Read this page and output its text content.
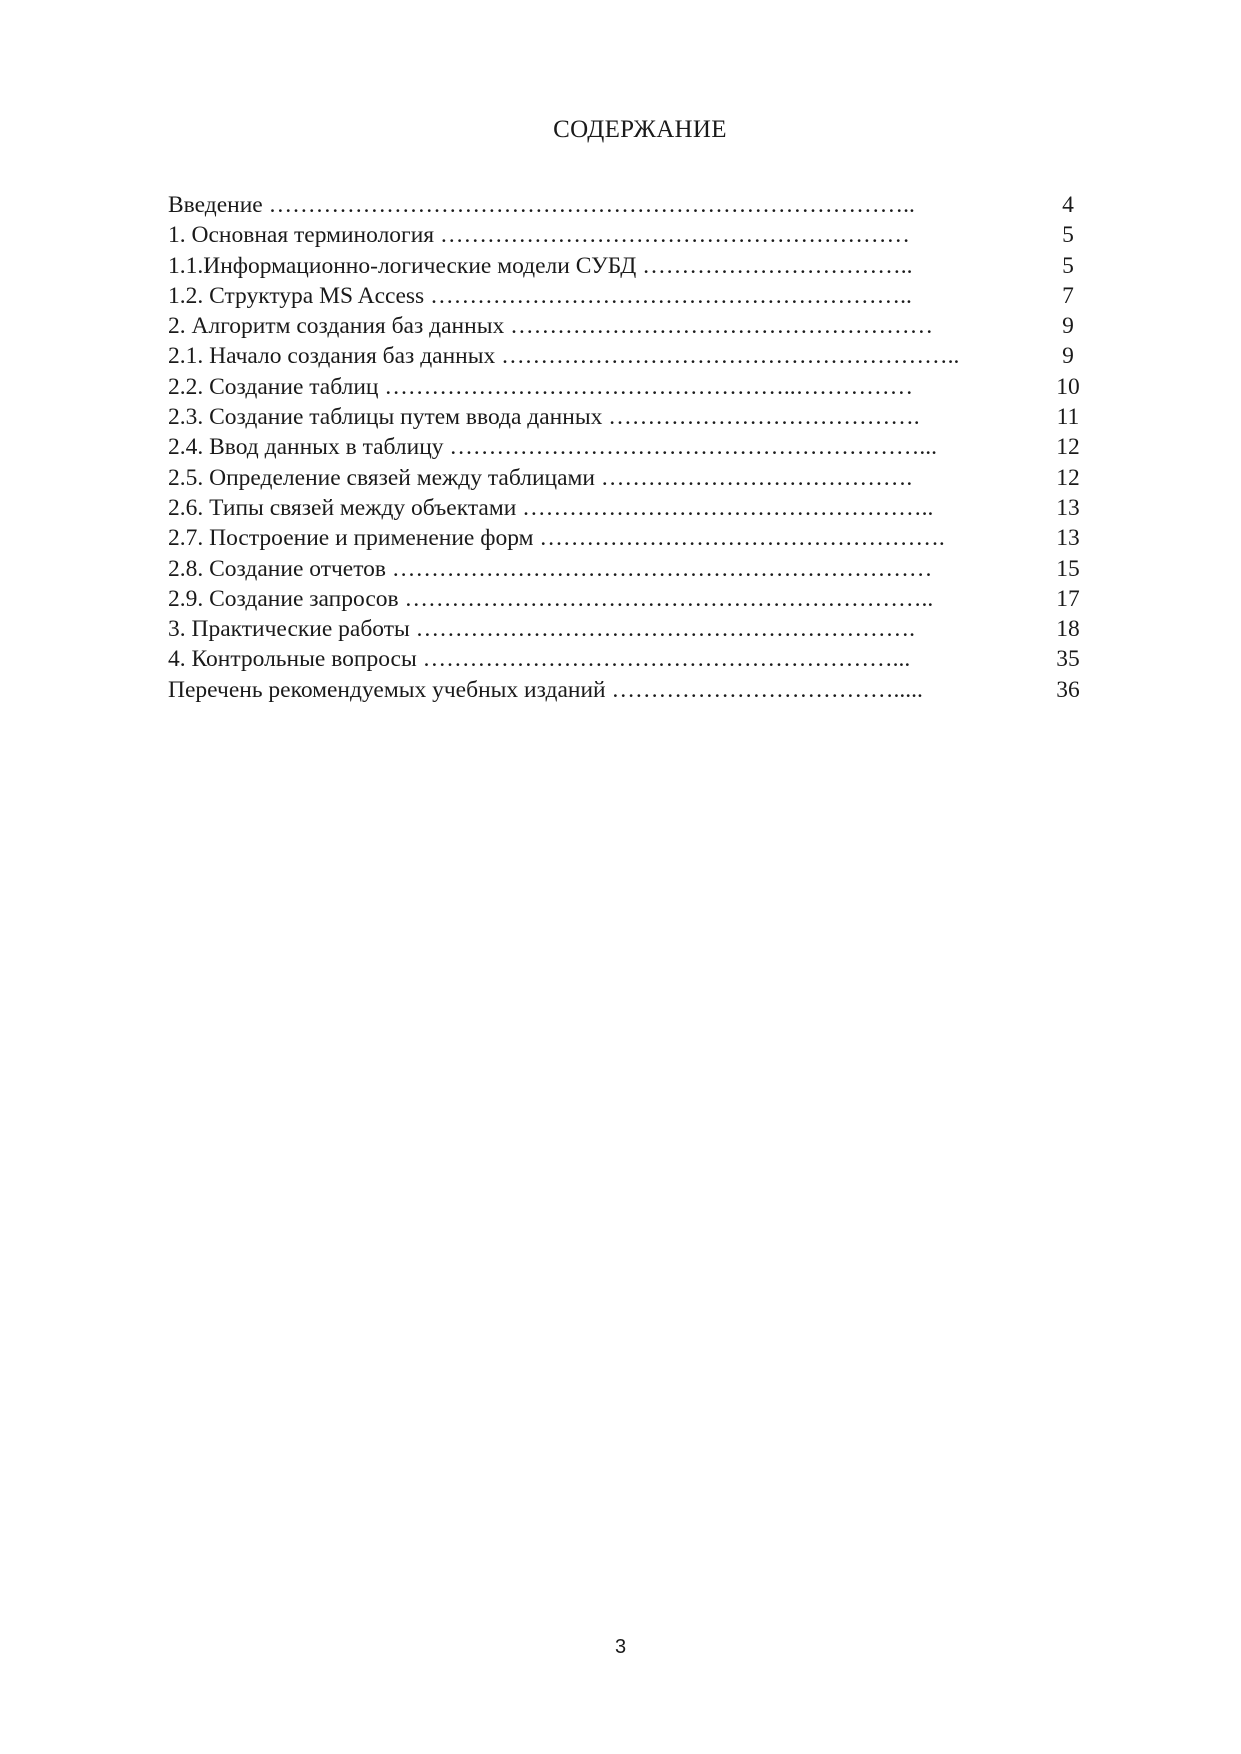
СОДЕРЖАНИЕ
Введение ………………………………………………………………………..	4
1. Основная терминология ……………………………………………………	5
1.1.Информационно-логические модели СУБД ……………………………..	5
1.2. Структура MS Access ……………………………………………………..	7
2. Алгоритм создания баз данных ………………………………………………	9
2.1. Начало создания баз данных …………………………………………………..	9
2.2. Создание таблиц ……………………………………………..……………	10
2.3. Создание таблицы путем ввода данных ………………………………….	11
2.4. Ввод данных в таблицу ……………………………………………………...	12
2.5. Определение связей между таблицами ………………………………….	12
2.6. Типы связей между объектами ……………………………………………..	13
2.7. Построение и применение форм …………………………………………….	13
2.8. Создание отчетов ……………………………………………………………	15
2.9. Создание запросов …………………………………………………………..	17
3. Практические работы ……………………………………………………….	18
4. Контрольные вопросы ……………………………………………………...	35
Перечень рекомендуемых учебных изданий ……………………………….....	36
3
